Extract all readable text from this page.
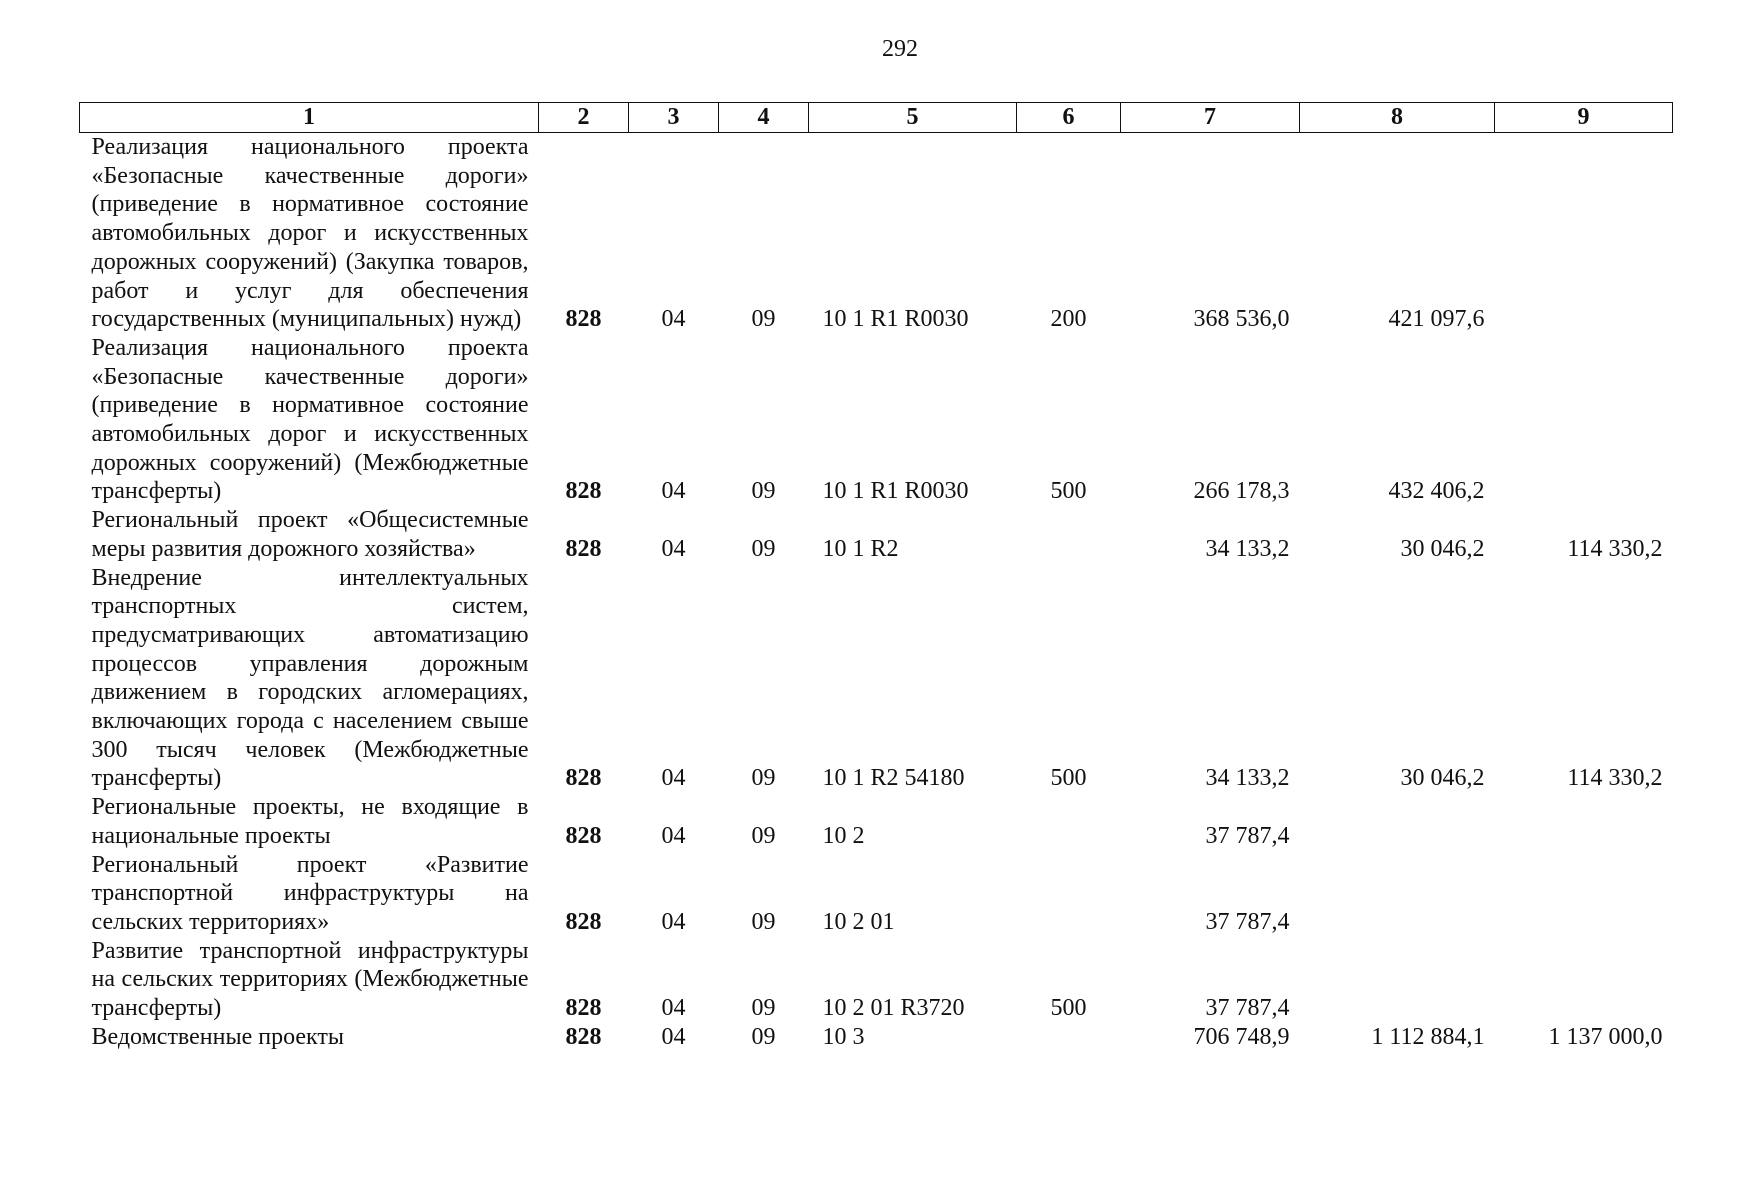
292
1	2	3	4	5	6	7	8	9
Реализация национального проекта «Безопасные качественные дороги» (приведение в нормативное состояние автомобильных дорог и искусственных дорожных сооружений) (Закупка товаров, работ и услуг для обеспечения государственных (муниципальных) нужд)	828	04	09	10 1 R1 R0030	200	368 536,0	421 097,6	
Реализация национального проекта «Безопасные качественные дороги» (приведение в нормативное состояние автомобильных дорог и искусственных дорожных сооружений) (Межбюджетные трансферты)	828	04	09	10 1 R1 R0030	500	266 178,3	432 406,2	
Региональный проект «Общесистемные меры развития дорожного хозяйства»	828	04	09	10 1 R2		34 133,2	30 046,2	114 330,2
Внедрение интеллектуальных транспортных систем, предусматривающих автоматизацию процессов управления дорожным движением в городских агломерациях, включающих города с населением свыше 300 тысяч человек (Межбюджетные трансферты)	828	04	09	10 1 R2 54180	500	34 133,2	30 046,2	114 330,2
Региональные проекты, не входящие в национальные проекты	828	04	09	10 2		37 787,4		
Региональный проект «Развитие транспортной инфраструктуры на сельских территориях»	828	04	09	10 2 01		37 787,4		
Развитие транспортной инфраструктуры на сельских территориях (Межбюджетные трансферты)	828	04	09	10 2 01 R3720	500	37 787,4		
Ведомственные проекты	828	04	09	10 3		706 748,9	1 112 884,1	1 137 000,0
